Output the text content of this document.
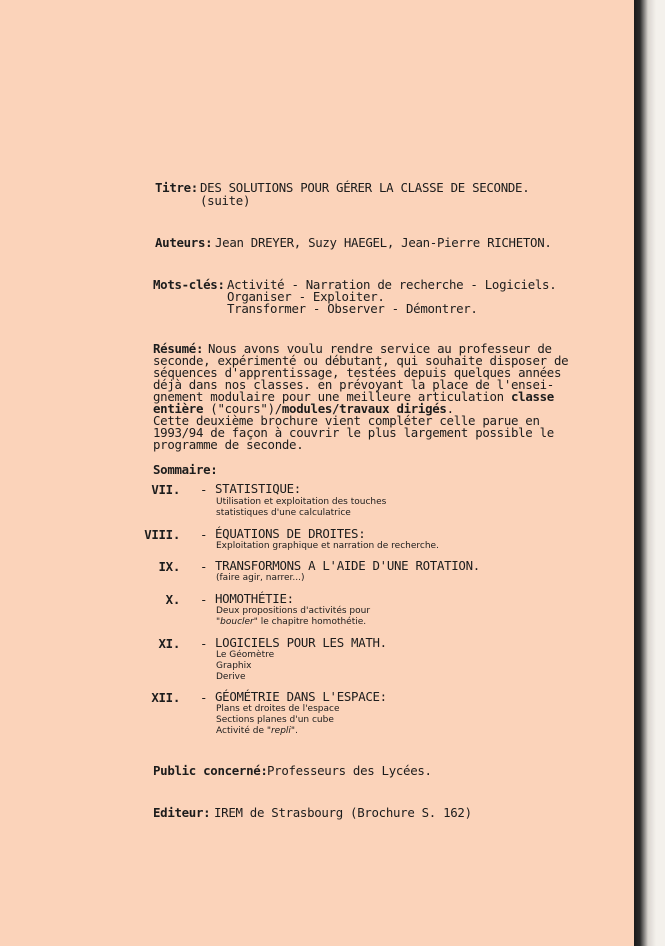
Titre: DES SOLUTIONS POUR GÉRER LA CLASSE DE SECONDE.
(suite)
Auteurs: Jean DREYER, Suzy HAEGEL, Jean-Pierre RICHETON.
Mots-clés: Activité - Narration de recherche - Logiciels.
Organiser - Exploiter.
Transformer - Observer - Démontrer.
Résumé: Nous avons voulu rendre service au professeur de
seconde, expérimenté ou débutant, qui souhaite disposer de
séquences d'apprentissage, testées depuis quelques années
déjà dans nos classes. en prévoyant la place de l'ensei-
gnement modulaire pour une meilleure articulation classe
entière ("cours")/modules/travaux dirigés.
Cette deuxième brochure vient compléter celle parue en
1993/94 de façon à couvrir le plus largement possible le
programme de seconde.
Sommaire:
VII. - STATISTIQUE:
Utilisation et exploitation des touches
statistiques d'une calculatrice
VIII. - ÉQUATIONS DE DROITES:
Exploitation graphique et narration de recherche.
IX. - TRANSFORMONS A L'AIDE D'UNE ROTATION.
(faire agir, narrer...)
X. - HOMOTHÉTIE:
Deux propositions d'activités pour
"boucler" le chapitre homothétie.
XI. - LOGICIELS POUR LES MATH.
Le Géomètre
Graphix
Derive
XII. - GÉOMÉTRIE DANS L'ESPACE:
Plans et droites de l'espace
Sections planes d'un cube
Activité de "repli".
Public concerné: Professeurs des Lycées.
Editeur: IREM de Strasbourg (Brochure S. 162)
